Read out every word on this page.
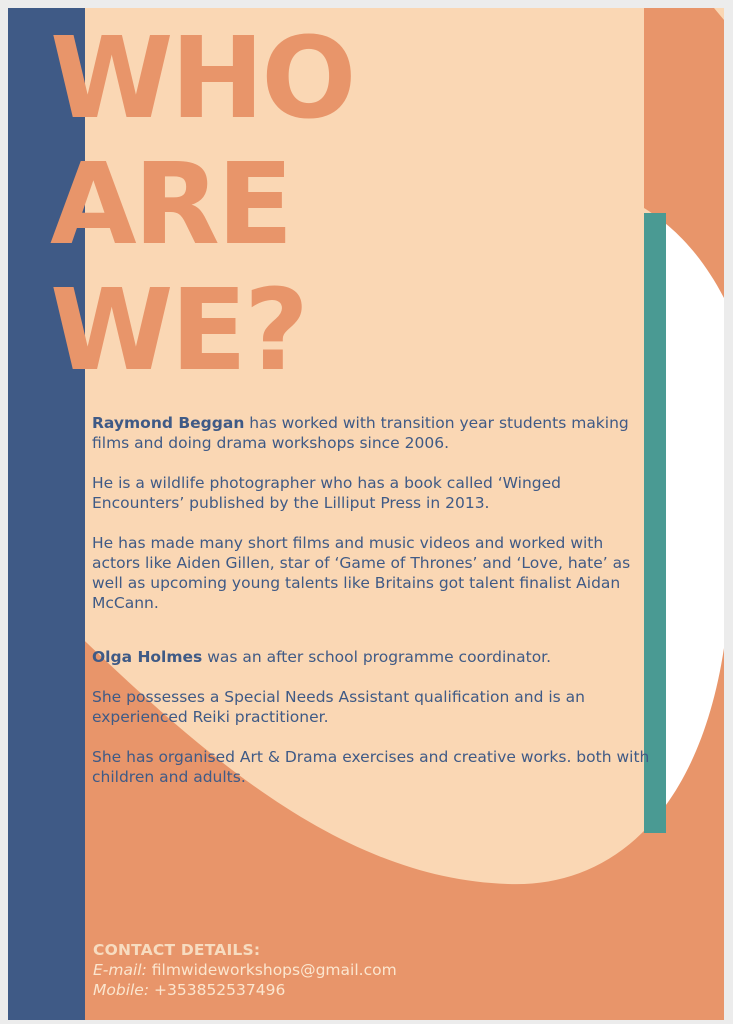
WHO
ARE
WE?

Raymond Beggan has worked with transition year students making films and doing drama workshops since 2006.

He is a wildlife photographer who has a book called ‘Winged Encounters’ published by the Lilliput Press in 2013.

He has made many short films and music videos and worked with actors like Aiden Gillen, star of ‘Game of Thrones’ and ‘Love, hate’ as well as upcoming young talents like Britains got talent finalist Aidan McCann.

Olga Holmes was an after school programme coordinator.

She possesses a Special Needs Assistant qualification and is an experienced Reiki practitioner.

She has organised Art & Drama exercises and creative works. both with children and adults.

CONTACT DETAILS:
E-mail: filmwideworkshops@gmail.com
Mobile: +353852537496
